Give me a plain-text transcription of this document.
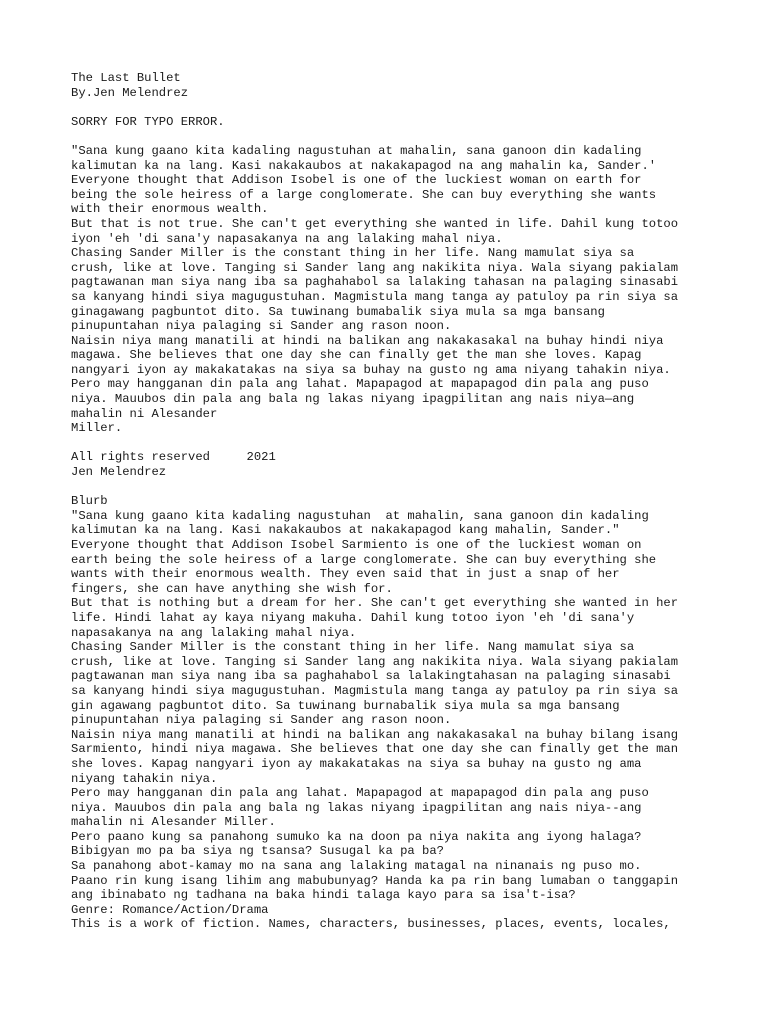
The Last Bullet
By.Jen Melendrez
SORRY FOR TYPO ERROR.
"Sana kung gaano kita kadaling nagustuhan at mahalin, sana ganoon din kadaling
kalimutan ka na lang. Kasi nakakaubos at nakakapagod na ang mahalin ka, Sander.'
Everyone thought that Addison Isobel is one of the luckiest woman on earth for
being the sole heiress of a large conglomerate. She can buy everything she wants
with their enormous wealth.
But that is not true. She can't get everything she wanted in life. Dahil kung totoo
iyon 'eh 'di sana'y napasakanya na ang lalaking mahal niya.
Chasing Sander Miller is the constant thing in her life. Nang mamulat siya sa
crush, like at love. Tanging si Sander lang ang nakikita niya. Wala siyang pakialam
pagtawanan man siya nang iba sa paghahabol sa lalaking tahasan na palaging sinasabi
sa kanyang hindi siya magugustuhan. Magmistula mang tanga ay patuloy pa rin siya sa
ginagawang pagbuntot dito. Sa tuwinang bumabalik siya mula sa mga bansang
pinupuntahan niya palaging si Sander ang rason noon.
Naisin niya mang manatili at hindi na balikan ang nakakasakal na buhay hindi niya
magawa. She believes that one day she can finally get the man she loves. Kapag
nangyari iyon ay makakatakas na siya sa buhay na gusto ng ama niyang tahakin niya.
Pero may hangganan din pala ang lahat. Mapapagod at mapapagod din pala ang puso
niya. Mauubos din pala ang bala ng lakas niyang ipagpilitan ang nais niya—ang
mahalin ni Alesander
Miller.
All rights reserved     2021
Jen Melendrez
Blurb
"Sana kung gaano kita kadaling nagustuhan  at mahalin, sana ganoon din kadaling
kalimutan ka na lang. Kasi nakakaubos at nakakapagod kang mahalin, Sander."
Everyone thought that Addison Isobel Sarmiento is one of the luckiest woman on
earth being the sole heiress of a large conglomerate. She can buy everything she
wants with their enormous wealth. They even said that in just a snap of her
fingers, she can have anything she wish for.
But that is nothing but a dream for her. She can't get everything she wanted in her
life. Hindi lahat ay kaya niyang makuha. Dahil kung totoo iyon 'eh 'di sana'y
napasakanya na ang lalaking mahal niya.
Chasing Sander Miller is the constant thing in her life. Nang mamulat siya sa
crush, like at love. Tanging si Sander lang ang nakikita niya. Wala siyang pakialam
pagtawanan man siya nang iba sa paghahabol sa lalakingtahasan na palaging sinasabi
sa kanyang hindi siya magugustuhan. Magmistula mang tanga ay patuloy pa rin siya sa
gin agawang pagbuntot dito. Sa tuwinang burnabalik siya mula sa mga bansang
pinupuntahan niya palaging si Sander ang rason noon.
Naisin niya mang manatili at hindi na balikan ang nakakasakal na buhay bilang isang
Sarmiento, hindi niya magawa. She believes that one day she can finally get the man
she loves. Kapag nangyari iyon ay makakatakas na siya sa buhay na gusto ng ama
niyang tahakin niya.
Pero may hangganan din pala ang lahat. Mapapagod at mapapagod din pala ang puso
niya. Mauubos din pala ang bala ng lakas niyang ipagpilitan ang nais niya--ang
mahalin ni Alesander Miller.
Pero paano kung sa panahong sumuko ka na doon pa niya nakita ang iyong halaga?
Bibigyan mo pa ba siya ng tsansa? Susugal ka pa ba?
Sa panahong abot-kamay mo na sana ang lalaking matagal na ninanais ng puso mo.
Paano rin kung isang lihim ang mabubunyag? Handa ka pa rin bang lumaban o tanggapin
ang ibinabato ng tadhana na baka hindi talaga kayo para sa isa't-isa?
Genre: Romance/Action/Drama
This is a work of fiction. Names, characters, businesses, places, events, locales,
